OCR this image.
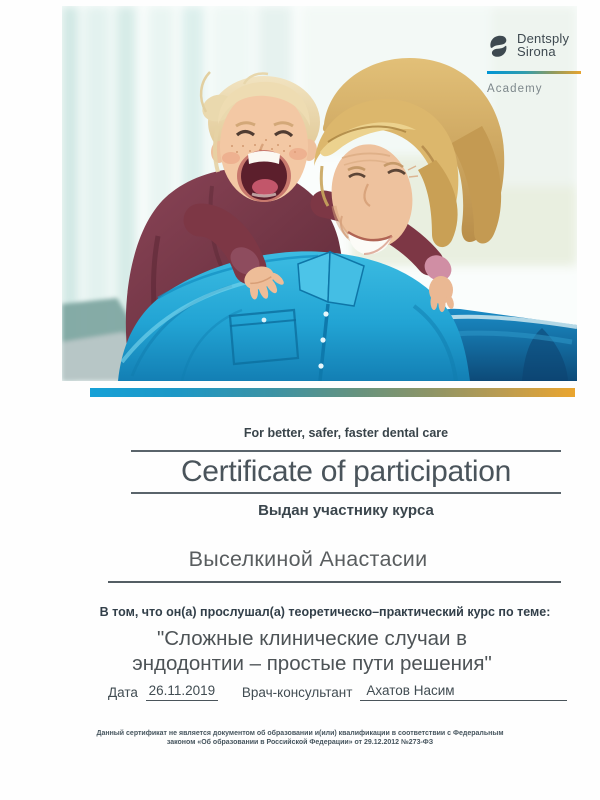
Dentsply
Sirona
Academy
For better, safer, faster dental care
Certificate of participation
Выдан участнику курса
Выселкиной Анастасии
В том, что он(а) прослушал(а) теоретическо–практический курс по теме:
"Сложные клинические случаи в
эндодонтии – простые пути решения"
Дата 26.11.2019 Врач-консультант	Ахатов Насим
Данный сертификат не является документом об образовании и(или) квалификации в соответствии с Федеральным
законом «Об образовании в Российской Федерации» от 29.12.2012 №273-ФЗ
